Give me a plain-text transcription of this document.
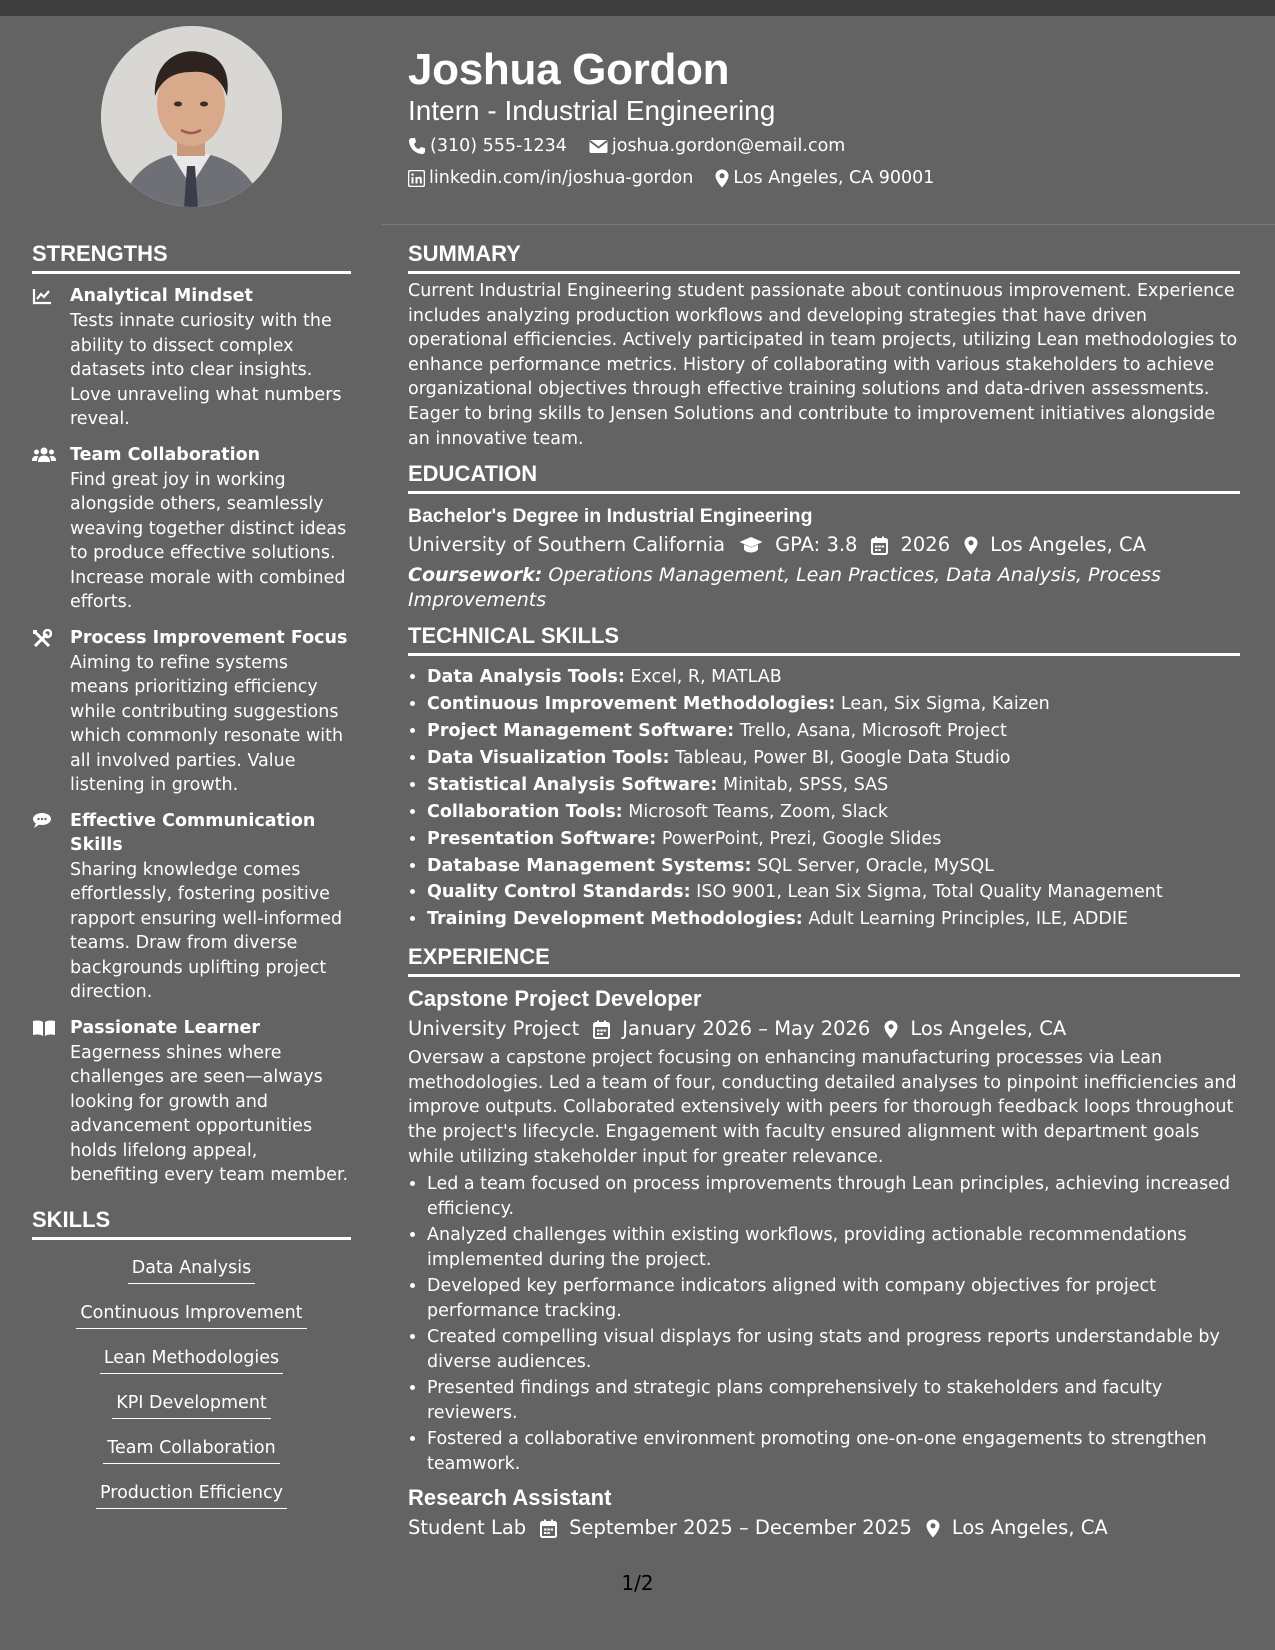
STRENGTHS
Analytical Mindset
Tests innate curiosity with the ability to dissect complex datasets into clear insights. Love unraveling what numbers reveal.
Team Collaboration
Find great joy in working alongside others, seamlessly weaving together distinct ideas to produce effective solutions. Increase morale with combined efforts.
Process Improvement Focus
Aiming to refine systems means prioritizing efficiency while contributing suggestions which commonly resonate with all involved parties. Value listening in growth.
Effective Communication Skills
Sharing knowledge comes effortlessly, fostering positive rapport ensuring well-informed teams. Draw from diverse backgrounds uplifting project direction.
Passionate Learner
Eagerness shines where challenges are seen—always looking for growth and advancement opportunities holds lifelong appeal, benefiting every team member.
SKILLS
Data Analysis
Continuous Improvement
Lean Methodologies
KPI Development
Team Collaboration
Production Efficiency
Joshua Gordon
Intern - Industrial Engineering
(310) 555-1234	joshua.gordon@email.com
linkedin.com/in/joshua-gordon Los Angeles, CA 90001
SUMMARY
Current Industrial Engineering student passionate about continuous improvement. Experience includes analyzing production workflows and developing strategies that have driven operational efficiencies. Actively participated in team projects, utilizing Lean methodologies to enhance performance metrics. History of collaborating with various stakeholders to achieve organizational objectives through effective training solutions and data-driven assessments. Eager to bring skills to Jensen Solutions and contribute to improvement initiatives alongside an innovative team.
EDUCATION
Bachelor's Degree in Industrial Engineering
University of Southern California	GPA: 3.8 2026 Los Angeles, CA
Coursework: Operations Management, Lean Practices, Data Analysis, Process Improvements
TECHNICAL SKILLS
• Data Analysis Tools: Excel, R, MATLAB
• Continuous Improvement Methodologies: Lean, Six Sigma, Kaizen
• Project Management Software: Trello, Asana, Microsoft Project
• Data Visualization Tools: Tableau, Power BI, Google Data Studio
• Statistical Analysis Software: Minitab, SPSS, SAS
• Collaboration Tools: Microsoft Teams, Zoom, Slack
• Presentation Software: PowerPoint, Prezi, Google Slides
• Database Management Systems: SQL Server, Oracle, MySQL
• Quality Control Standards: ISO 9001, Lean Six Sigma, Total Quality Management
• Training Development Methodologies: Adult Learning Principles, ILE, ADDIE
EXPERIENCE
Capstone Project Developer
University Project January 2026 – May 2026 Los Angeles, CA
Oversaw a capstone project focusing on enhancing manufacturing processes via Lean methodologies. Led a team of four, conducting detailed analyses to pinpoint inefficiencies and improve outputs. Collaborated extensively with peers for thorough feedback loops throughout the project's lifecycle. Engagement with faculty ensured alignment with department goals while utilizing stakeholder input for greater relevance.
• Led a team focused on process improvements through Lean principles, achieving increased efficiency.
• Analyzed challenges within existing workflows, providing actionable recommendations implemented during the project.
• Developed key performance indicators aligned with company objectives for project performance tracking.
• Created compelling visual displays for using stats and progress reports understandable by diverse audiences.
• Presented findings and strategic plans comprehensively to stakeholders and faculty reviewers.
• Fostered a collaborative environment promoting one-on-one engagements to strengthen teamwork.
Research Assistant
Student Lab September 2025 – December 2025 Los Angeles, CA
1/2
